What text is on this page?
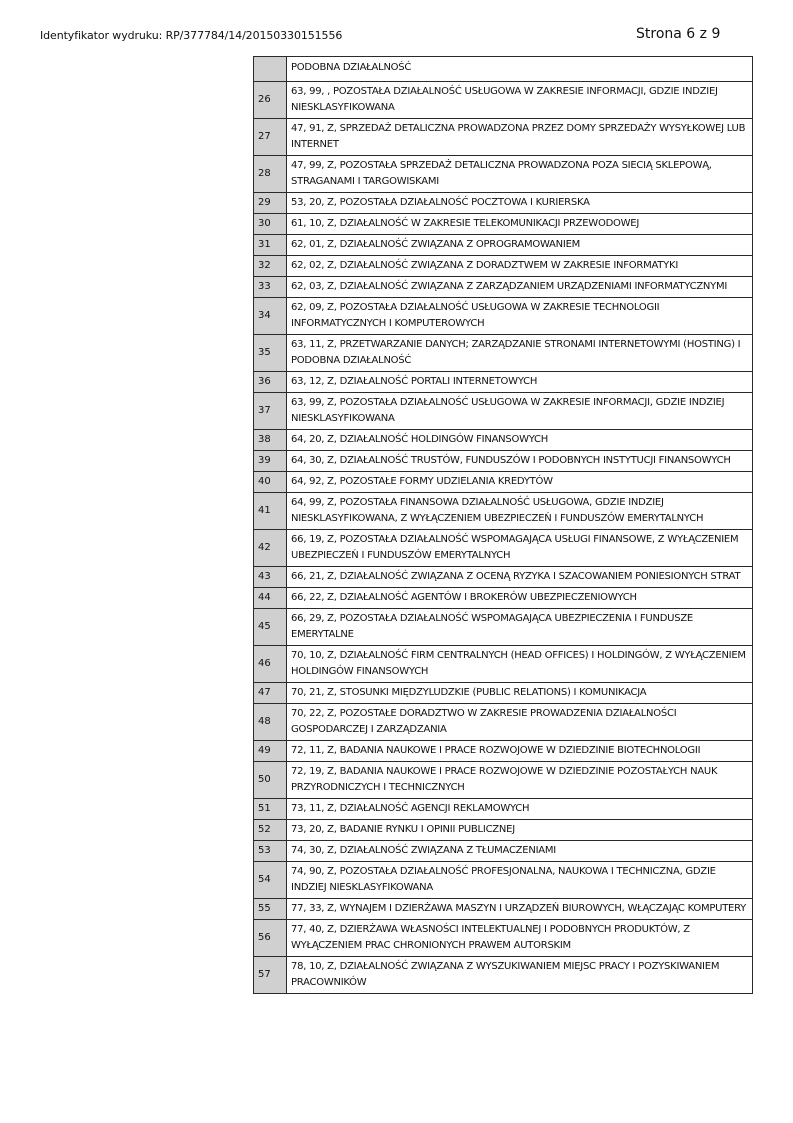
Identyfikator wydruku: RP/377784/14/20150330151556	Strona 6 z 9
	PODOBNA DZIAŁALNOŚĆ
26	63, 99, , POZOSTAŁA DZIAŁALNOŚĆ USŁUGOWA W ZAKRESIE INFORMACJI, GDZIE INDZIEJ NIESKLASYFIKOWANA
27	47, 91, Z, SPRZEDAŻ DETALICZNA PROWADZONA PRZEZ DOMY SPRZEDAŻY WYSYŁKOWEJ LUB INTERNET
28	47, 99, Z, POZOSTAŁA SPRZEDAŻ DETALICZNA PROWADZONA POZA SIECIĄ SKLEPOWĄ, STRAGANAMI I TARGOWISKAMI
29	53, 20, Z, POZOSTAŁA DZIAŁALNOŚĆ POCZTOWA I KURIERSKA
30	61, 10, Z, DZIAŁALNOŚĆ W ZAKRESIE TELEKOMUNIKACJI PRZEWODOWEJ
31	62, 01, Z, DZIAŁALNOŚĆ ZWIĄZANA Z OPROGRAMOWANIEM
32	62, 02, Z, DZIAŁALNOŚĆ ZWIĄZANA Z DORADZTWEM W ZAKRESIE INFORMATYKI
33	62, 03, Z, DZIAŁALNOŚĆ ZWIĄZANA Z ZARZĄDZANIEM URZĄDZENIAMI INFORMATYCZNYMI
34	62, 09, Z, POZOSTAŁA DZIAŁALNOŚĆ USŁUGOWA W ZAKRESIE TECHNOLOGII INFORMATYCZNYCH I KOMPUTEROWYCH
35	63, 11, Z, PRZETWARZANIE DANYCH; ZARZĄDZANIE STRONAMI INTERNETOWYMI (HOSTING) I PODOBNA DZIAŁALNOŚĆ
36	63, 12, Z, DZIAŁALNOŚĆ PORTALI INTERNETOWYCH
37	63, 99, Z, POZOSTAŁA DZIAŁALNOŚĆ USŁUGOWA W ZAKRESIE INFORMACJI, GDZIE INDZIEJ NIESKLASYFIKOWANA
38	64, 20, Z, DZIAŁALNOŚĆ HOLDINGÓW FINANSOWYCH
39	64, 30, Z, DZIAŁALNOŚĆ TRUSTÓW, FUNDUSZÓW I PODOBNYCH INSTYTUCJI FINANSOWYCH
40	64, 92, Z, POZOSTAŁE FORMY UDZIELANIA KREDYTÓW
41	64, 99, Z, POZOSTAŁA FINANSOWA DZIAŁALNOŚĆ USŁUGOWA, GDZIE INDZIEJ NIESKLASYFIKOWANA, Z WYŁĄCZENIEM UBEZPIECZEŃ I FUNDUSZÓW EMERYTALNYCH
42	66, 19, Z, POZOSTAŁA DZIAŁALNOŚĆ WSPOMAGAJĄCA USŁUGI FINANSOWE, Z WYŁĄCZENIEM UBEZPIECZEŃ I FUNDUSZÓW EMERYTALNYCH
43	66, 21, Z, DZIAŁALNOŚĆ ZWIĄZANA Z OCENĄ RYZYKA I SZACOWANIEM PONIESIONYCH STRAT
44	66, 22, Z, DZIAŁALNOŚĆ AGENTÓW I BROKERÓW UBEZPIECZENIOWYCH
45	66, 29, Z, POZOSTAŁA DZIAŁALNOŚĆ WSPOMAGAJĄCA UBEZPIECZENIA I FUNDUSZE EMERYTALNE
46	70, 10, Z, DZIAŁALNOŚĆ FIRM CENTRALNYCH (HEAD OFFICES) I HOLDINGÓW, Z WYŁĄCZENIEM HOLDINGÓW FINANSOWYCH
47	70, 21, Z, STOSUNKI MIĘDZYLUDZKIE (PUBLIC RELATIONS) I KOMUNIKACJA
48	70, 22, Z, POZOSTAŁE DORADZTWO W ZAKRESIE PROWADZENIA DZIAŁALNOŚCI GOSPODARCZEJ I ZARZĄDZANIA
49	72, 11, Z, BADANIA NAUKOWE I PRACE ROZWOJOWE W DZIEDZINIE BIOTECHNOLOGII
50	72, 19, Z, BADANIA NAUKOWE I PRACE ROZWOJOWE W DZIEDZINIE POZOSTAŁYCH NAUK PRZYRODNICZYCH I TECHNICZNYCH
51	73, 11, Z, DZIAŁALNOŚĆ AGENCJI REKLAMOWYCH
52	73, 20, Z, BADANIE RYNKU I OPINII PUBLICZNEJ
53	74, 30, Z, DZIAŁALNOŚĆ ZWIĄZANA Z TŁUMACZENIAMI
54	74, 90, Z, POZOSTAŁA DZIAŁALNOŚĆ PROFESJONALNA, NAUKOWA I TECHNICZNA, GDZIE INDZIEJ NIESKLASYFIKOWANA
55	77, 33, Z, WYNAJEM I DZIERŻAWA MASZYN I URZĄDZEŃ BIUROWYCH, WŁĄCZAJĄC KOMPUTERY
56	77, 40, Z, DZIERŻAWA WŁASNOŚCI INTELEKTUALNEJ I PODOBNYCH PRODUKTÓW, Z WYŁĄCZENIEM PRAC CHRONIONYCH PRAWEM AUTORSKIM
57	78, 10, Z, DZIAŁALNOŚĆ ZWIĄZANA Z WYSZUKIWANIEM MIEJSC PRACY I POZYSKIWANIEM PRACOWNIKÓW
